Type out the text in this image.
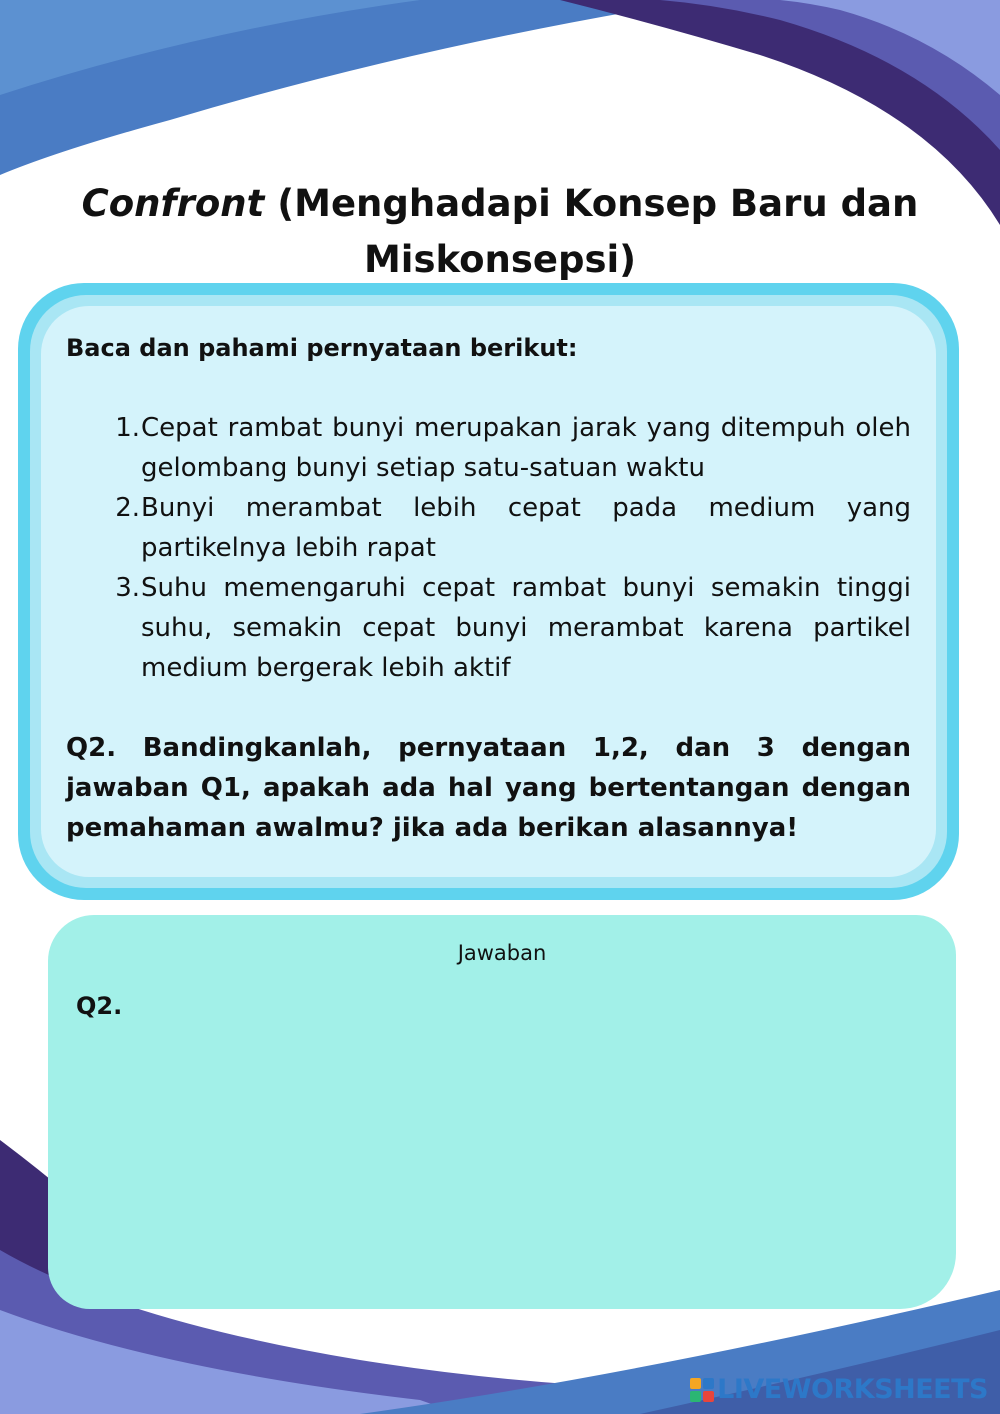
Confront (Menghadapi Konsep Baru dan Miskonsepsi)

Baca dan pahami pernyataan berikut:

1. Cepat rambat bunyi merupakan jarak yang ditempuh oleh gelombang bunyi setiap satu-satuan waktu
2. Bunyi merambat lebih cepat pada medium yang partikelnya lebih rapat
3. Suhu memengaruhi cepat rambat bunyi semakin tinggi suhu, semakin cepat bunyi merambat karena partikel medium bergerak lebih aktif

Q2. Bandingkanlah, pernyataan 1,2, dan 3 dengan jawaban Q1, apakah ada hal yang bertentangan dengan pemahaman awalmu? jika ada berikan alasannya!

Jawaban
Q2.
LIVEWORKSHEETS
